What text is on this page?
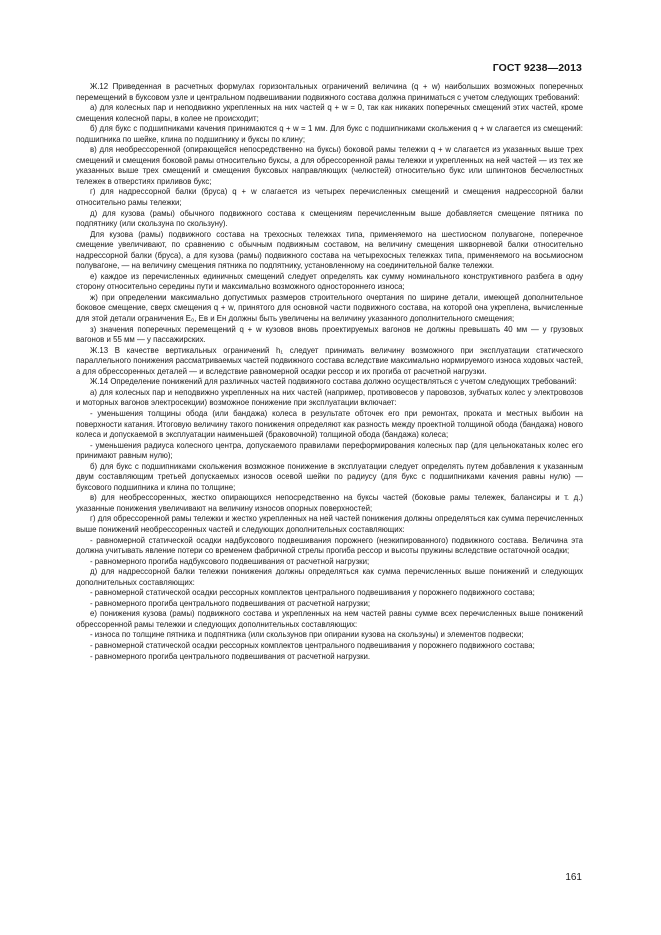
ГОСТ 9238—2013

Ж.12 Приведенная в расчетных формулах горизонтальных ограничений величина (q + w) наибольших возможных поперечных перемещений в буксовом узле и центральном подвешивании подвижного состава должна приниматься с учетом следующих требований:

а) для колесных пар и неподвижно укрепленных на них частей q + w = 0, так как никаких поперечных смещений этих частей, кроме смещения колесной пары, в колее не происходит;

б) для букс с подшипниками качения принимаются q + w = 1 мм. Для букс с подшипниками скольжения q + w слагается из смещений: подшипника по шейке, клина по подшипнику и буксы по клину;

в) для необрессоренной (опирающейся непосредственно на буксы) боковой рамы тележки q + w слагается из указанных выше трех смещений и смещения боковой рамы относительно буксы, а для обрессоренной рамы тележки и укрепленных на ней частей — из тех же указанных выше трех смещений и смещения буксовых направляющих (челюстей) относительно букс или шпинтонов бесчелюстных тележек в отверстиях приливов букс;

г) для надрессорной балки (бруса) q + w слагается из четырех перечисленных смещений и смещения надрессорной балки относительно рамы тележки;

д) для кузова (рамы) обычного подвижного состава к смещениям перечисленным выше добавляется смещение пятника по подпятнику (или скользуна по скользуну).

Для кузова (рамы) подвижного состава на трехосных тележках типа, применяемого на шестиосном полувагоне, поперечное смещение увеличивают, по сравнению с обычным подвижным составом, на величину смещения шкворневой балки относительно надрессорной балки (бруса), а для кузова (рамы) подвижного состава на четырехосных тележках типа, применяемого на восьмиосном полувагоне, — на величину смещения пятника по подпятнику, установленному на соединительной балке тележки.

е) каждое из перечисленных единичных смещений следует определять как сумму номинального конструктивного разбега в одну сторону относительно середины пути и максимально возможного одностороннего износа;

ж) при определении максимально допустимых размеров строительного очертания по ширине детали, имеющей дополнительное боковое смещение, сверх смещения q + w, принятого для основной части подвижного состава, на которой она укреплена, вычисленные для этой детали ограничения E₀, Eв и Eн должны быть увеличены на величину указанного дополнительного смещения;

з) значения поперечных перемещений q + w кузовов вновь проектируемых вагонов не должны превышать 40 мм — у грузовых вагонов и 55 мм — у пассажирских.

Ж.13 В качестве вертикальных ограничений h₁ следует принимать величину возможного при эксплуатации статического параллельного понижения рассматриваемых частей подвижного состава вследствие максимально нормируемого износа ходовых частей, а для обрессоренных деталей — и вследствие равномерной осадки рессор и их прогиба от расчетной нагрузки.

Ж.14 Определение понижений для различных частей подвижного состава должно осуществляться с учетом следующих требований:

а) для колесных пар и неподвижно укрепленных на них частей (например, противовесов у паровозов, зубчатых колес у электровозов и моторных вагонов электросекции) возможное понижение при эксплуатации включает:

- уменьшения толщины обода (или бандажа) колеса в результате обточек его при ремонтах, проката и местных выбоин на поверхности катания. Итоговую величину такого понижения определяют как разность между проектной толщиной обода (бандажа) нового колеса и допускаемой в эксплуатации наименьшей (браковочной) толщиной обода (бандажа) колеса;

- уменьшения радиуса колесного центра, допускаемого правилами переформирования колесных пар (для цельнокатаных колес его принимают равным нулю);

б) для букс с подшипниками скольжения возможное понижение в эксплуатации следует определять путем добавления к указанным двум составляющим третьей допускаемых износов осевой шейки по радиусу (для букс с подшипниками качения равны нулю) — буксового подшипника и клина по толщине;

в) для необрессоренных, жестко опирающихся непосредственно на буксы частей (боковые рамы тележек, балансиры и т. д.) указанные понижения увеличивают на величину износов опорных поверхностей;

г) для обрессоренной рамы тележки и жестко укрепленных на ней частей понижения должны определяться как сумма перечисленных выше понижений необрессоренных частей и следующих дополнительных составляющих:

- равномерной статической осадки надбуксового подвешивания порожнего (неэкипированного) подвижного состава. Величина эта должна учитывать явление потери со временем фабричной стрелы прогиба рессор и высоты пружины вследствие остаточной осадки;

- равномерного прогиба надбуксового подвешивания от расчетной нагрузки;

д) для надрессорной балки тележки понижения должны определяться как сумма перечисленных выше понижений и следующих дополнительных составляющих:

- равномерной статической осадки рессорных комплектов центрального подвешивания у порожнего подвижного состава;

- равномерного прогиба центрального подвешивания от расчетной нагрузки;

е) понижения кузова (рамы) подвижного состава и укрепленных на нем частей равны сумме всех перечисленных выше понижений обрессоренной рамы тележки и следующих дополнительных составляющих:

- износа по толщине пятника и подпятника (или скользунов при опирании кузова на скользуны) и элементов подвески;

- равномерной статической осадки рессорных комплектов центрального подвешивания у порожнего подвижного состава;

- равномерного прогиба центрального подвешивания от расчетной нагрузки.

161
